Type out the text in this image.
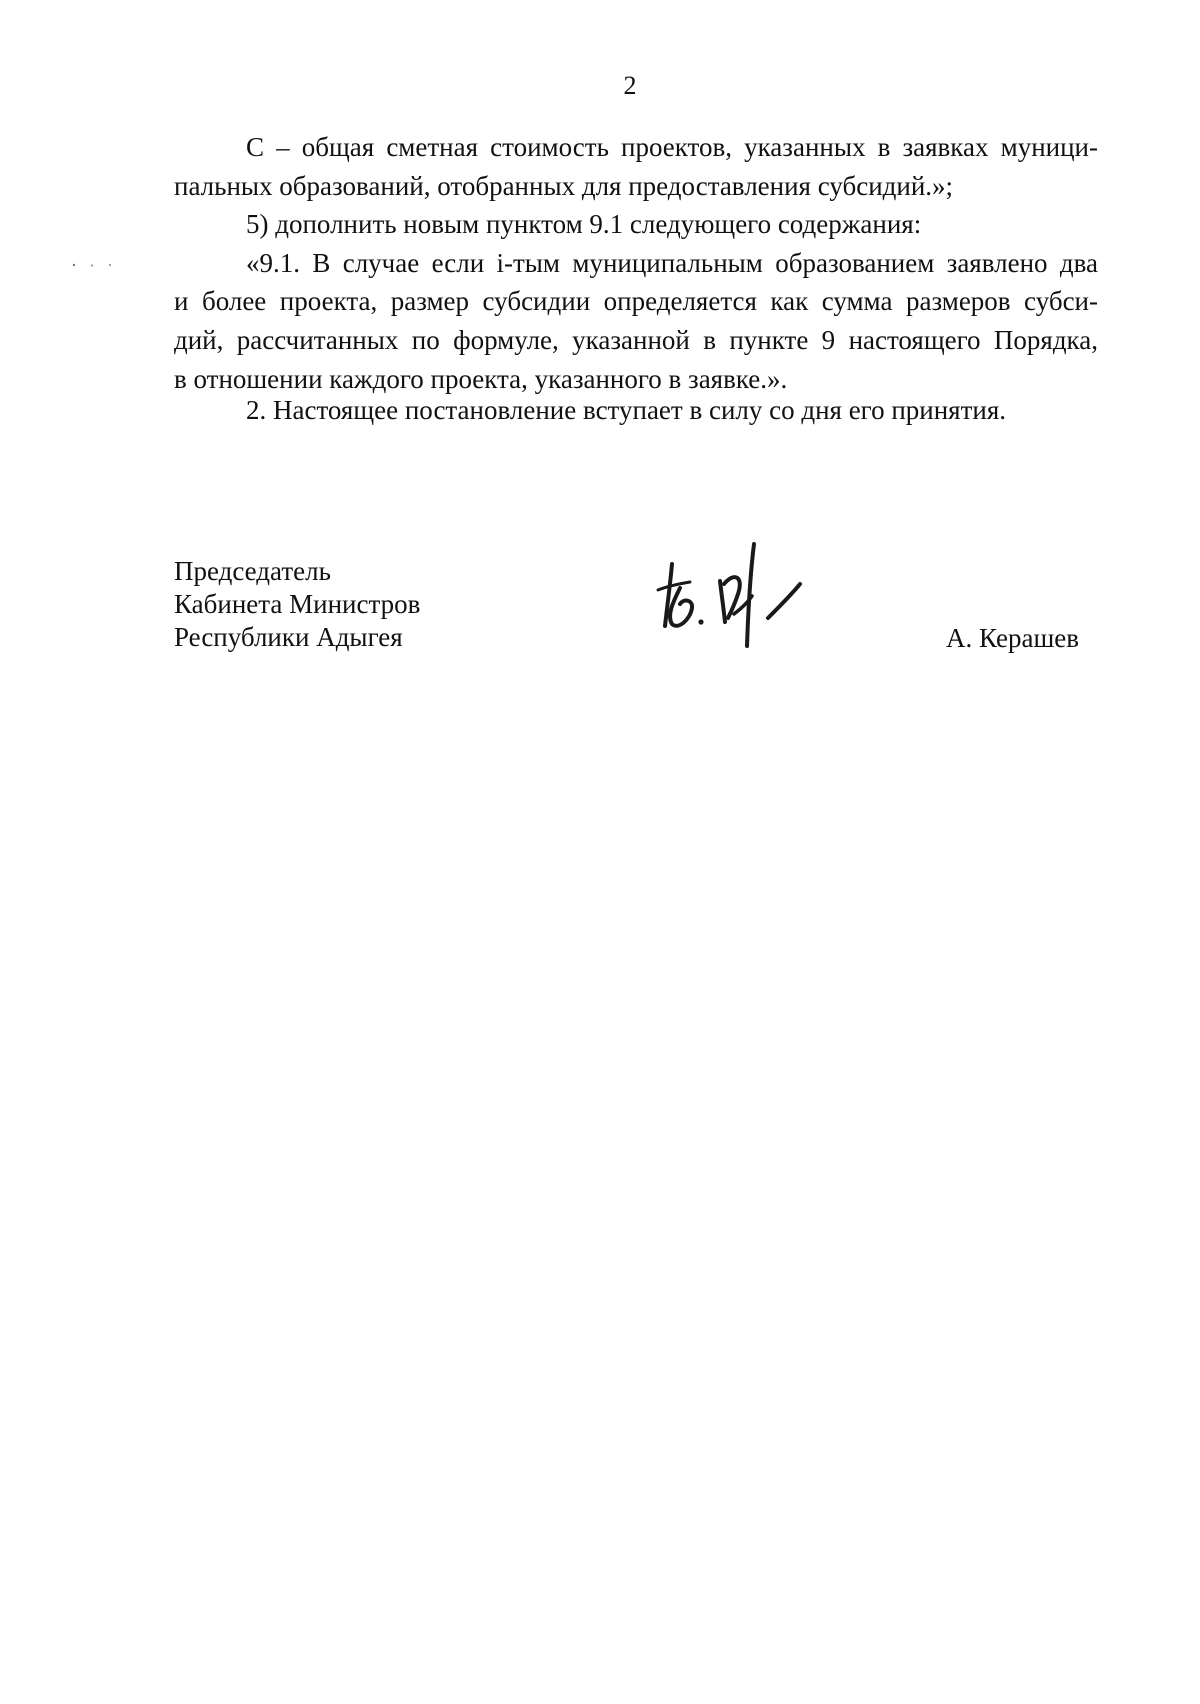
2
С – общая сметная стоимость проектов, указанных в заявках муници-
пальных образований, отобранных для предоставления субсидий.»;
5) дополнить новым пунктом 9.1 следующего содержания:
«9.1. В случае если i-тым муниципальным образованием заявлено два
и более проекта, размер субсидии определяется как сумма размеров субси-
дий, рассчитанных по формуле, указанной в пункте 9 настоящего Порядка,
в отношении каждого проекта, указанного в заявке.».
2. Настоящее постановление вступает в силу со дня его принятия.
Председатель
Кабинета Министров
Республики Адыгея	А. Керашев
